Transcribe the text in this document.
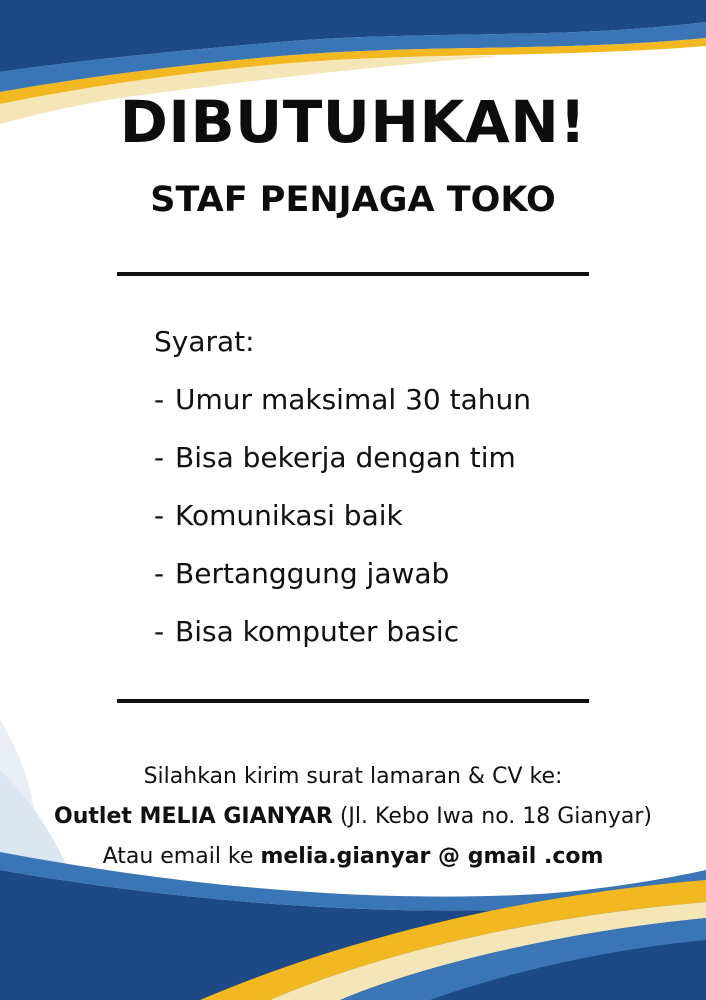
DIBUTUHKAN!
STAF PENJAGA TOKO
Syarat:
- Umur maksimal 30 tahun
- Bisa bekerja dengan tim
- Komunikasi baik
- Bertanggung jawab
- Bisa komputer basic
Silahkan kirim surat lamaran & CV ke:
Outlet MELIA GIANYAR (Jl. Kebo Iwa no. 18 Gianyar)
Atau email ke melia.gianyar @ gmail .com
